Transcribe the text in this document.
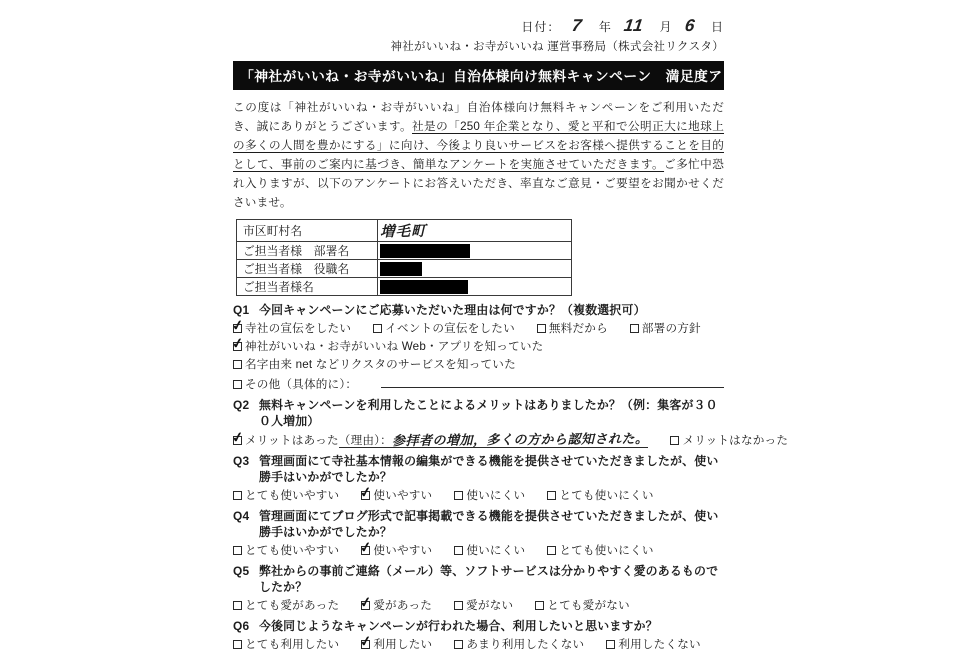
日付： 7 年 11 月 6 日
神社がいいね・お寺がいいね 運営事務局（株式会社リクスタ）
「神社がいいね・お寺がいいね」自治体様向け無料キャンペーン　満足度アンケート

この度は「神社がいいね・お寺がいいね」自治体様向け無料キャンペーンをご利用いただき、誠にありがとうございます。社是の「250 年企業となり、愛と平和で公明正大に地球上の多くの人間を豊かにする」に向け、今後より良いサービスをお客様へ提供することを目的として、事前のご案内に基づき、簡単なアンケートを実施させていただきます。ご多忙中恐れ入りますが、以下のアンケートにお答えいただき、率直なご意見・ご要望をお聞かせくださいませ。

市区町村名	増毛町
ご担当者様　部署名	

ご担当者様　役職名	

ご担当者様名	
Q1 今回キャンペーンにご応募いただいた理由は何ですか？（複数選択可）
✓寺社の宣伝をしたい	イベントの宣伝をしたい	無料だから	部署の方針
✓神社がいいね・お寺がいいね Web・アプリを知っていた
名字由来 net などリクスタのサービスを知っていた
その他（具体的に）：
Q2 無料キャンペーンを利用したことによるメリットはありましたか？（例：集客が３００人増加）
✓メリットはあった（理由）：参拝者の増加，多くの方から認知された。	メリットはなかった
Q3 管理画面にて寺社基本情報の編集ができる機能を提供させていただきましたが、使い勝手はいかがでしたか？
とても使いやすい ✓	使いやすい	使いにくい	とても使いにくい
Q4 管理画面にてブログ形式で記事掲載できる機能を提供させていただきましたが、使い勝手はいかがでしたか？
とても使いやすい ✓	使いやすい	使いにくい	とても使いにくい
Q5 弊社からの事前ご連絡（メール）等、ソフトサービスは分かりやすく愛のあるものでしたか？
とても愛があった ✓	愛があった	愛がない	とても愛がない
Q6 今後同じようなキャンペーンが行われた場合、利用したいと思いますか？
とても利用したい ✓	利用したい	あまり利用したくない	利用したくない
